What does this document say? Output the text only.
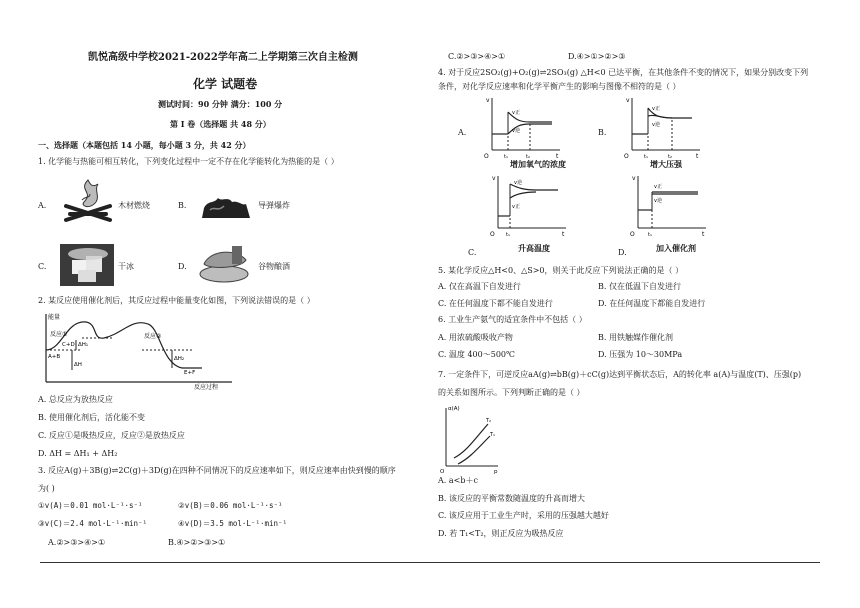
凯悦高级中学校2021-2022学年高二上学期第三次自主检测
化学 试题卷
测试时间：90 分钟 满分：100 分
第 I 卷（选择题 共 48 分）
一、选择题（本题包括 14 小题，每小题 3 分，共 42 分）
1. 化学能与热能可相互转化，下列变化过程中一定不存在化学能转化为热能的是（ ）
A.	木材燃烧	B.	导弹爆炸
C.	干冰	D.	谷物酿酒
2. 某反应使用催化剂后，其反应过程中能量变化如图，下列说法错误的是（ ）
能量
反应过程
反应①	反应②
C+D
A+B
ΔH₁
ΔH₂
ΔH
E+F
A. 总反应为放热反应
B. 使用催化剂后，活化能不变
C. 反应①是吸热反应，反应②是放热反应
D. ΔH = ΔH₁ + ΔH₂
3. 反应A(g)＋3B(g)⇌2C(g)＋3D(g)在四种不同情况下的反应速率如下，则反应速率由快到慢的顺序
为( )
①v(A)＝0.01 mol·L⁻¹·s⁻¹	②v(B)＝0.06 mol·L⁻¹·s⁻¹
③v(C)＝2.4 mol·L⁻¹·min⁻¹	④v(D)＝3.5 mol·L⁻¹·min⁻¹
A.②>③>④>①	B.④>②>③>①
C.②>③>④>①	D.④>①>②>③
4. 对于反应2SO₂(g)+O₂(g)⇌2SO₃(g) △H<0 已达平衡，在其他条件不变的情况下，如果分别改变下列
条件，对化学反应速率和化学平衡产生的影响与图像不相符的是（ ）
A.	B.
C.	D.
v
t
O
v正
v逆
t₁	t₂
增加氧气的浓度
v
t
O
v正
v逆
t₁	t₂
增大压强
v
t
O
v逆
v正
t₁
升高温度
v
t
O
v正
v逆
t₁
加入催化剂
5. 某化学反应△H<0、△S>0，则关于此反应下列说法正确的是（ ）
A. 仅在高温下自发进行	B. 仅在低温下自发进行
C. 在任何温度下都不能自发进行	D. 在任何温度下都能自发进行
6. 工业生产氨气的适宜条件中不包括（ ）
A. 用浓硫酸吸收产物	B. 用铁触媒作催化剂
C. 温度 400～500℃	D. 压强为 10～30MPa
7. 一定条件下，可逆反应aA(g)⇌bB(g)＋cC(g)达到平衡状态后，A的转化率 a(A)与温度(T)、压强(p)
的关系如图所示。下列判断正确的是（ ）
α(A)
p
O
T₂
T₁
A. a<b＋c
B. 该反应的平衡常数随温度的升高而增大
C. 该反应用于工业生产时，采用的压强越大越好
D. 若 T₁<T₂，则正反应为吸热反应
